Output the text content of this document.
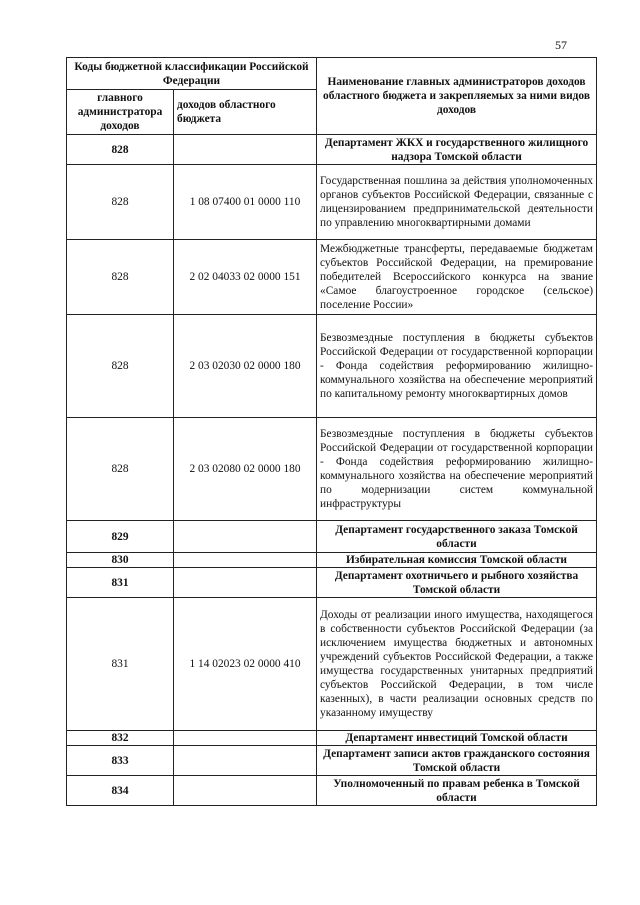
57
Коды бюджетной классификации Российской Федерации		Наименование главных администраторов доходов областного бюджета и закрепляемых за ними видов доходов
главного администратора доходов	доходов областного бюджета	
828		Департамент ЖКХ и государственного жилищного надзора Томской области
828	1 08 07400 01 0000 110	Государственная пошлина за действия уполномоченных органов субъектов Российской Федерации, связанные с лицензированием предпринимательской деятельности по управлению многоквартирными домами
828	2 02 04033 02 0000 151	Межбюджетные трансферты, передаваемые бюджетам субъектов Российской Федерации, на премирование победителей Всероссийского конкурса на звание «Самое благоустроенное городское (сельское) поселение России»
828	2 03 02030 02 0000 180	Безвозмездные поступления в бюджеты субъектов Российской Федерации от государственной корпорации - Фонда содействия реформированию жилищно-коммунального хозяйства на обеспечение мероприятий по капитальному ремонту многоквартирных домов
828	2 03 02080 02 0000 180	Безвозмездные поступления в бюджеты субъектов Российской Федерации от государственной корпорации - Фонда содействия реформированию жилищно-коммунального хозяйства на обеспечение мероприятий по модернизации систем коммунальной инфраструктуры
829		Департамент государственного заказа Томской области
830		Избирательная комиссия Томской области
831		Департамент охотничьего и рыбного хозяйства Томской области
831	1 14 02023 02 0000 410	Доходы от реализации иного имущества, находящегося в собственности субъектов Российской Федерации (за исключением имущества бюджетных и автономных учреждений субъектов Российской Федерации, а также имущества государственных унитарных предприятий субъектов Российской Федерации, в том числе казенных), в части реализации основных средств по указанному имуществу
832		Департамент инвестиций Томской области
833		Департамент записи актов гражданского состояния Томской области
834		Уполномоченный по правам ребенка в Томской области
